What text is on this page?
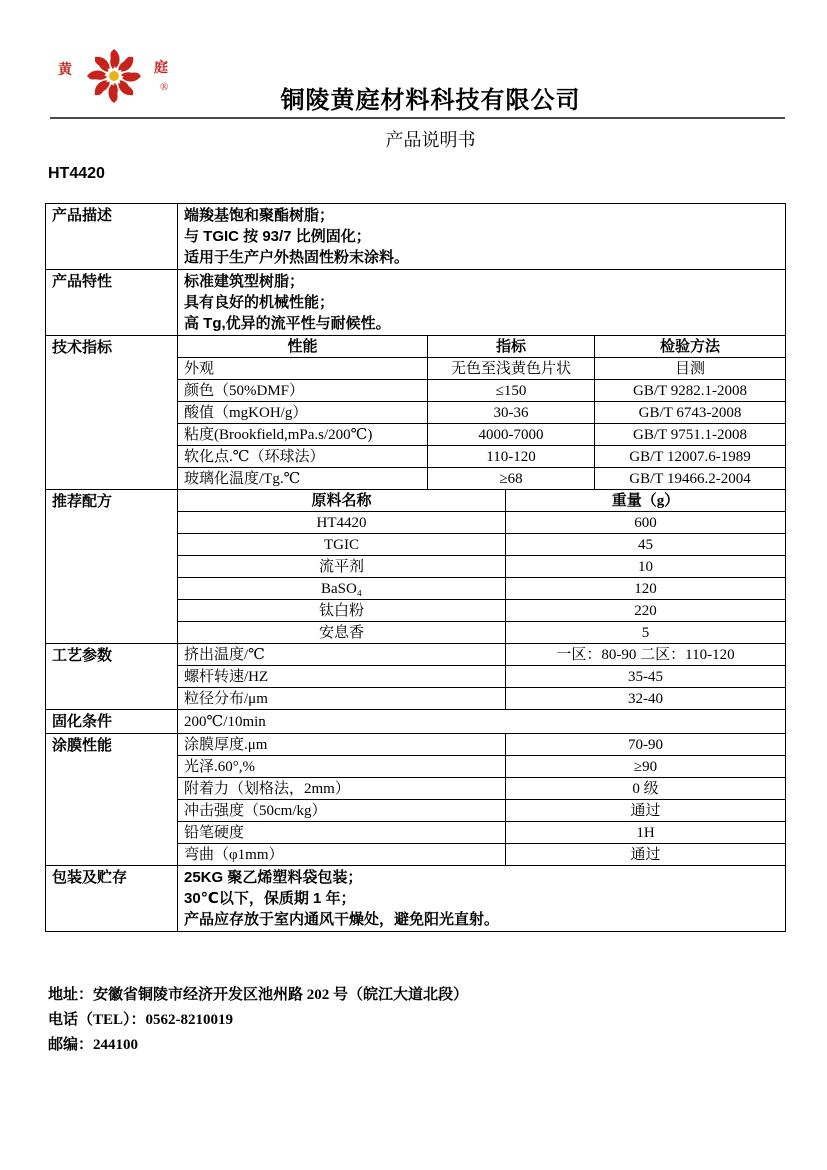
黄	庭
®	铜陵黄庭材料科技有限公司
产品说明书
HT4420
产品描述	端羧基饱和聚酯树脂；
与 TGIC 按 93/7 比例固化；
适用于生产户外热固性粉末涂料。			

产品特性	标准建筑型树脂；
具有良好的机械性能；
高 Tg,优异的流平性与耐候性。			

技术指标	性能	指标		检验方法
	外观	无色至浅黄色片状		目测
	颜色（50%DMF）	≤150		GB/T 9282.1-2008
	酸值（mgKOH/g）	30-36		GB/T 6743-2008
	粘度(Brookfield,mPa.s/200℃)	4000-7000		GB/T 9751.1-2008
	软化点.℃（环球法）	110-120		GB/T 12007.6-1989
	玻璃化温度/Tg.℃	≥68		GB/T 19466.2-2004
推荐配方	原料名称		重量（g）	
	HT4420		600	
	TGIC		45	
	流平剂		10	
	BaSO₄		120	
	钛白粉		220	
	安息香		5	
工艺参数	挤出温度/℃		一区：80-90 二区：110-120	
	螺杆转速/HZ		35-45	
	粒径分布/μm		32-40	
固化条件	200℃/10min			
涂膜性能	涂膜厚度.μm		70-90	
	光泽.60°,%		≥90	
	附着力（划格法，2mm）		0 级	
	冲击强度（50cm/kg）		通过	
	铅笔硬度		1H	
	弯曲（φ1mm）		通过	
包装及贮存	25KG 聚乙烯塑料袋包装；
30℃以下，保质期 1 年；
产品应存放于室内通风干燥处，避免阳光直射。			
地址：安徽省铜陵市经济开发区池州路 202 号（皖江大道北段）
电话（TEL）：0562-8210019
邮编：244100
